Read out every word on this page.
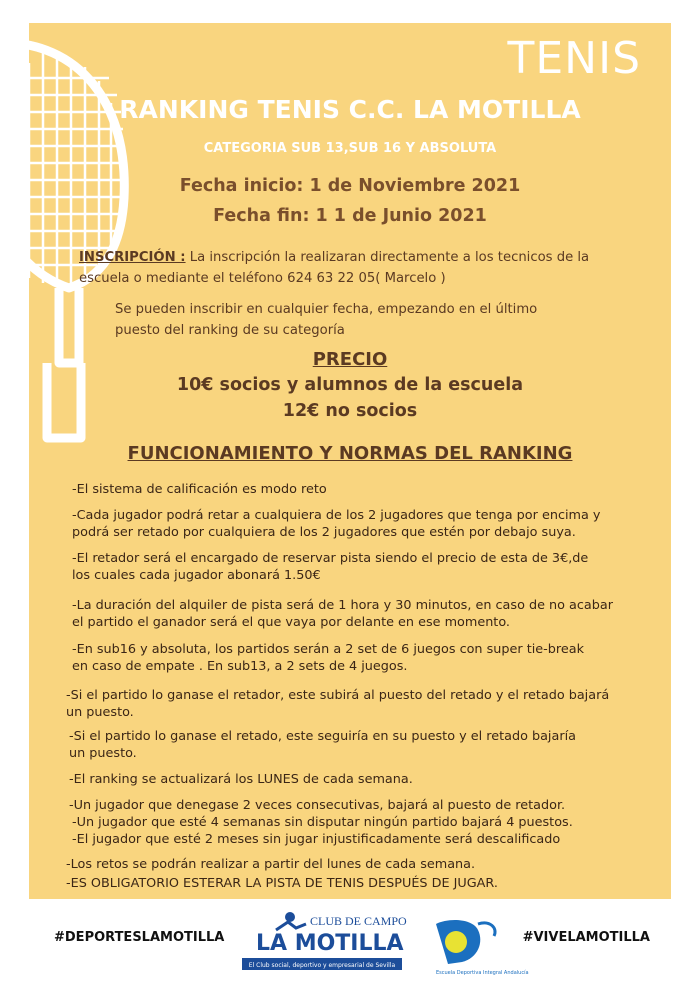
TENIS
RANKING TENIS C.C. LA MOTILLA
CATEGORIA SUB 13,SUB 16 Y ABSOLUTA
Fecha inicio: 1 de Noviembre 2021
Fecha fin: 1 1 de Junio 2021
INSCRIPCIÓN : La inscripción la realizaran directamente a los tecnicos de la
escuela o mediante el teléfono 624 63 22 05( Marcelo )
Se pueden inscribir en cualquier fecha, empezando en el último
puesto del ranking de su categoría
PRECIO
10€ socios y alumnos de la escuela
12€ no socios
FUNCIONAMIENTO Y NORMAS DEL RANKING
-El sistema de calificación es modo reto
-Cada jugador podrá retar a cualquiera de los 2 jugadores que tenga por encima y
podrá ser retado por cualquiera de los 2 jugadores que estén por debajo suya.
-El retador será el encargado de reservar pista siendo el precio de esta de 3€,de
los cuales cada jugador abonará 1.50€
-La duración del alquiler de pista será de 1 hora y 30 minutos, en caso de no acabar
el partido el ganador será el que vaya por delante en ese momento.
-En sub16 y absoluta, los partidos serán a 2 set de 6 juegos con super tie-break
en caso de empate . En sub13, a 2 sets de 4 juegos.
-Si el partido lo ganase el retador, este subirá al puesto del retado y el retado bajará
un puesto.
-Si el partido lo ganase el retado, este seguiría en su puesto y el retado bajaría
un puesto.
-El ranking se actualizará los LUNES de cada semana.
-Un jugador que denegase 2 veces consecutivas, bajará al puesto de retador.
-Un jugador que esté 4 semanas sin disputar ningún partido bajará 4 puestos.
-El jugador que esté 2 meses sin jugar injustificadamente será descalificado
-Los retos se podrán realizar a partir del lunes de cada semana.
-ES OBLIGATORIO ESTERAR LA PISTA DE TENIS DESPUÉS DE JUGAR.
#DEPORTESLAMOTILLA	#VIVELAMOTILLA
CLUB DE CAMPO
LA MOTILLA
El Club social, deportivo y empresarial de Sevilla
Escuela Deportiva Integral Andalucía
